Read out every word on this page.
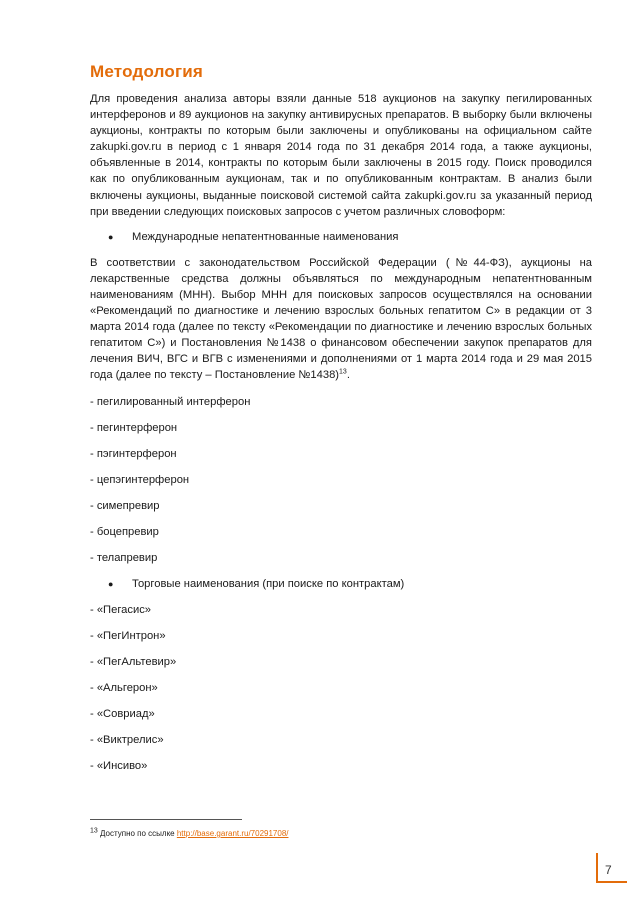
Методология

Для проведения анализа авторы взяли данные 518 аукционов на закупку пегилированных интерферонов и 89 аукционов на закупку антивирусных препаратов. В выборку были включены аукционы, контракты по которым были заключены и опубликованы на официальном сайте zakupki.gov.ru в период с 1 января 2014 года по 31 декабря 2014 года, а также аукционы, объявленные в 2014, контракты по которым были заключены в 2015 году. Поиск проводился как по опубликованным аукционам, так и по опубликованным контрактам. В анализ были включены аукционы, выданные поисковой системой сайта zakupki.gov.ru за указанный период при введении следующих поисковых запросов с учетом различных словоформ:

●	Международные непатентнованные наименования

В соответствии с законодательством Российской Федерации (№44-ФЗ), аукционы на лекарственные средства должны объявляться по международным непатентнованным наименованиям (МНН). Выбор МНН для поисковых запросов осуществлялся на основании «Рекомендаций по диагностике и лечению взрослых больных гепатитом С» в редакции от 3 марта 2014 года (далее по тексту «Рекомендации по диагностике и лечению взрослых больных гепатитом С») и Постановления №1438 о финансовом обеспечении закупок препаратов для лечения ВИЧ, ВГС и ВГВ с изменениями и дополнениями от 1 марта 2014 года и 29 мая 2015 года (далее по тексту – Постановление №1438)$^{13}$.

- пегилированный интерферон

- пегинтерферон

- пэгинтерферон

- цепэгинтерферон

- симепревир

- боцепревир

- телапревир

●	Торговые наименования (при поиске по контрактам)

- «Пегасис»

- «ПегИнтрон»

- «ПегАльтевир»

- «Альгерон»

- «Совриад»

- «Виктрелис»

- «Инсиво»

$^{13}$ Доступно по ссылке http://base.garant.ru/70291708/
7
